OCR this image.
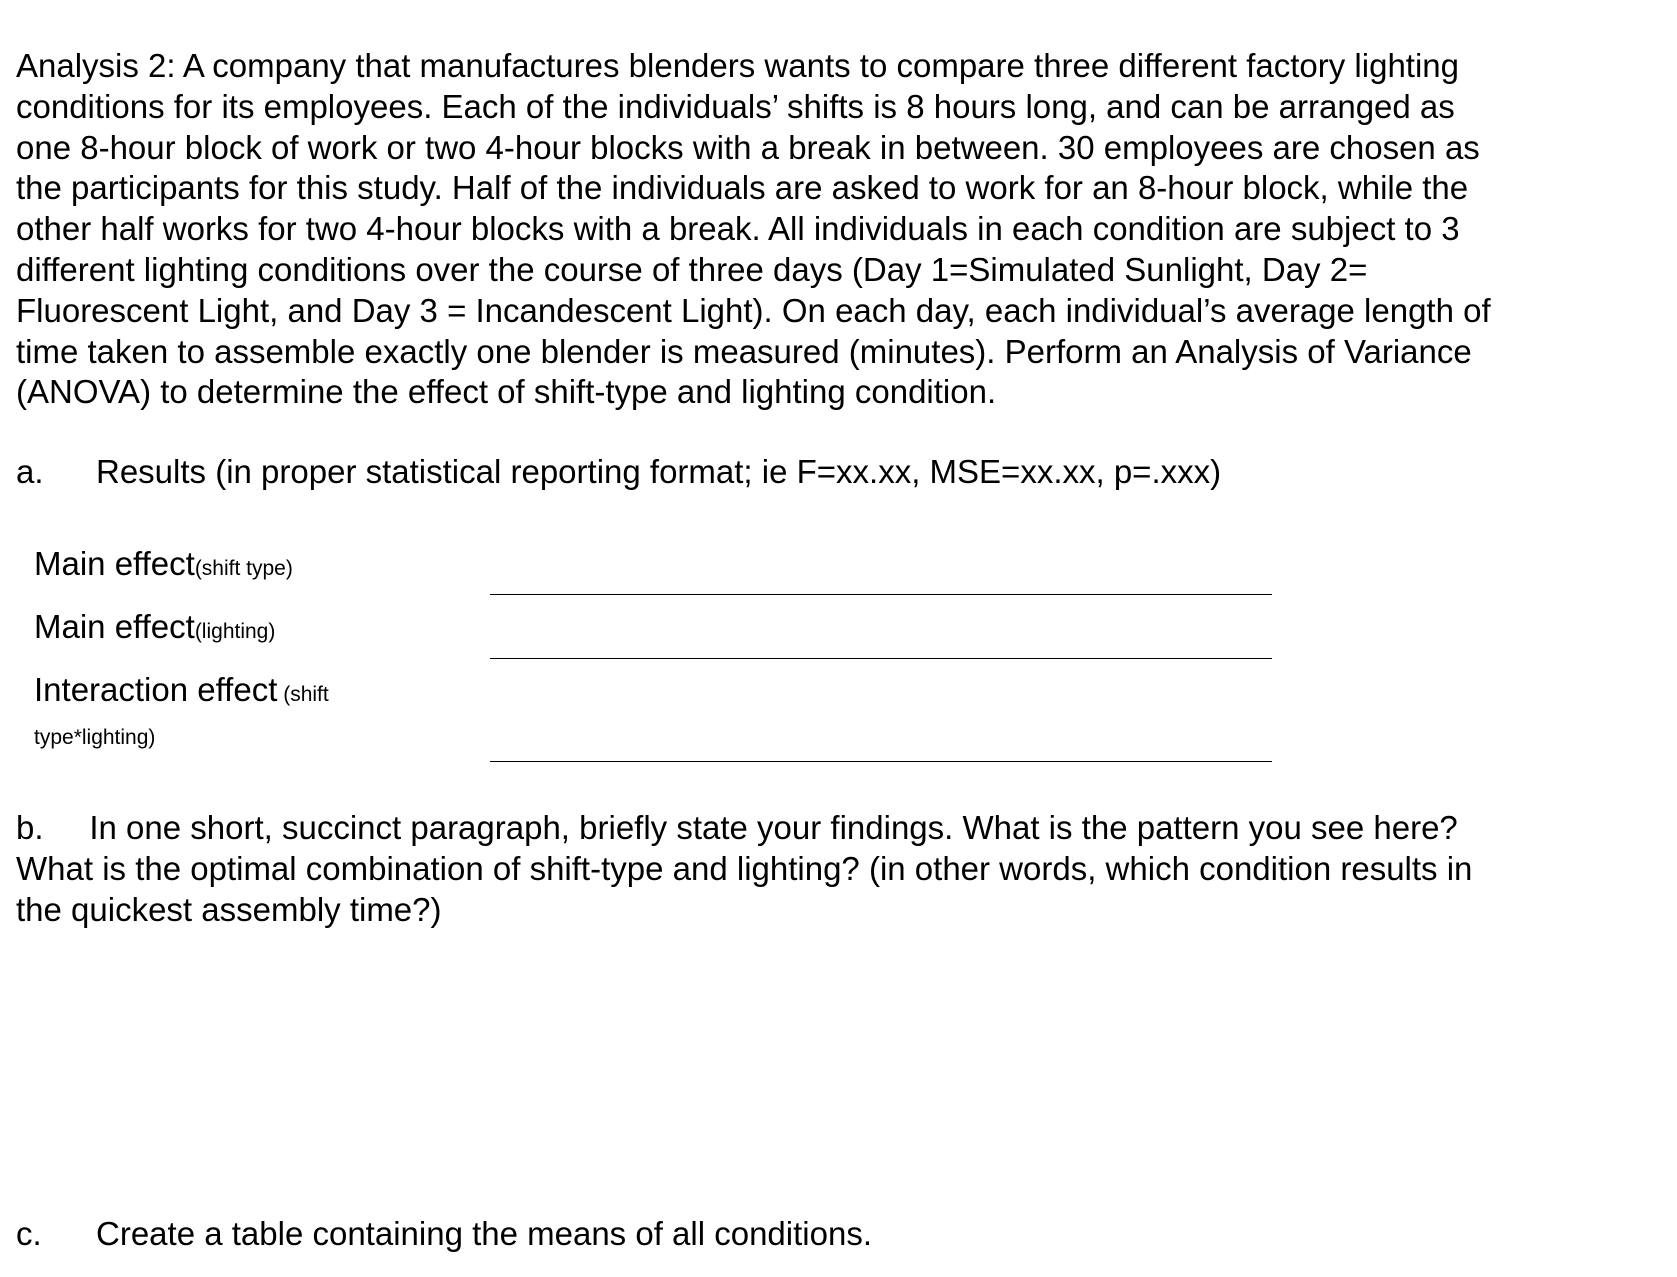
Analysis 2: A company that manufactures blenders wants to compare three different factory lighting
conditions for its employees. Each of the individuals’ shifts is 8 hours long, and can be arranged as
one 8-hour block of work or two 4-hour blocks with a break in between. 30 employees are chosen as
the participants for this study. Half of the individuals are asked to work for an 8-hour block, while the
other half works for two 4-hour blocks with a break. All individuals in each condition are subject to 3
different lighting conditions over the course of three days (Day 1=Simulated Sunlight, Day 2=
Fluorescent Light, and Day 3 = Incandescent Light). On each day, each individual’s average length of
time taken to assemble exactly one blender is measured (minutes). Perform an Analysis of Variance
(ANOVA) to determine the effect of shift-type and lighting condition.

a. Results (in proper statistical reporting format; ie F=xx.xx, MSE=xx.xx, p=.xxx)
Main effect(shift type)
Main effect(lighting)
Interaction effect (shift
type*lighting)
b.     In one short, succinct paragraph, briefly state your findings. What is the pattern you see here?
What is the optimal combination of shift-type and lighting? (in other words, which condition results in
the quickest assembly time?)
c. Create a table containing the means of all conditions.
